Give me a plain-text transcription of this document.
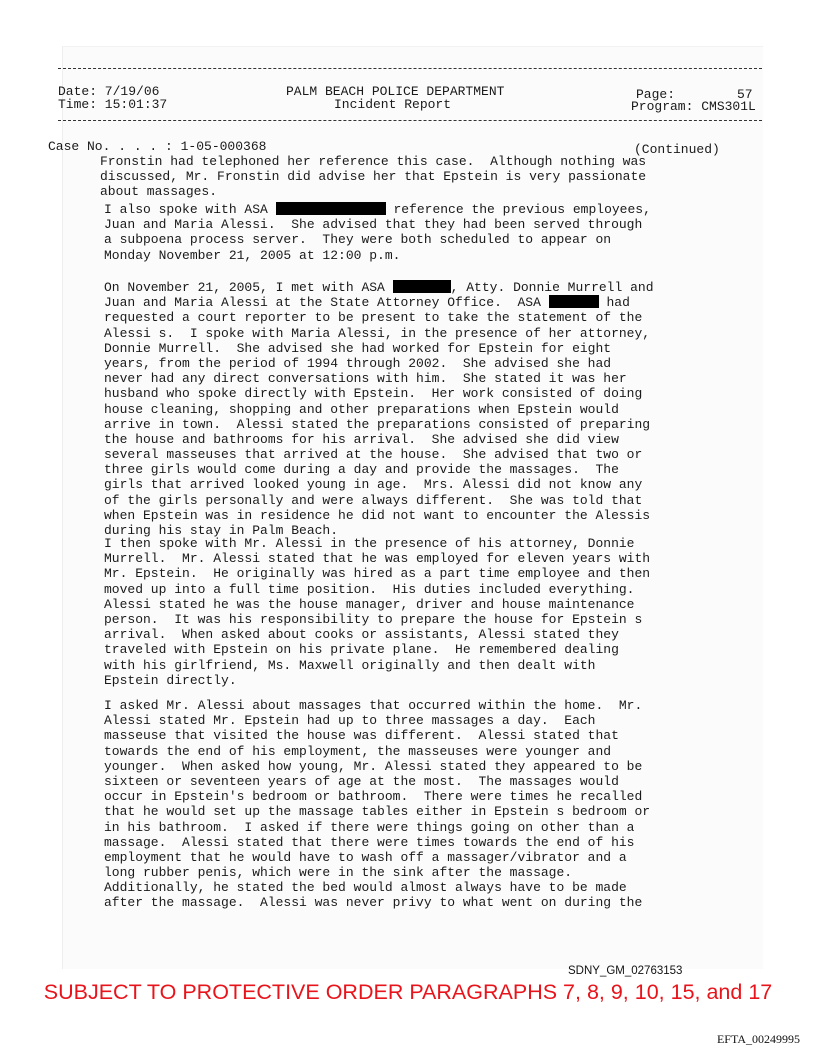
Date: 7/19/06
Time: 15:01:37
PALM BEACH POLICE DEPARTMENT
Incident Report
Page:	57
Program: CMS301L
Case No. . . . : 1-05-000368	(Continued)
Fronstin had telephoned her reference this case.  Although nothing was
discussed, Mr. Fronstin did advise her that Epstein is very passionate
about massages.
I also spoke with ASA	reference the previous employees,
Juan and Maria Alessi.  She advised that they had been served through
a subpoena process server.  They were both scheduled to appear on
Monday November 21, 2005 at 12:00 p.m.
On November 21, 2005, I met with ASA	, Atty. Donnie Murrell and
Juan and Maria Alessi at the State Attorney Office.  ASA	had
requested a court reporter to be present to take the statement of the
Alessi s.  I spoke with Maria Alessi, in the presence of her attorney,
Donnie Murrell.  She advised she had worked for Epstein for eight
years, from the period of 1994 through 2002.  She advised she had
never had any direct conversations with him.  She stated it was her
husband who spoke directly with Epstein.  Her work consisted of doing
house cleaning, shopping and other preparations when Epstein would
arrive in town.  Alessi stated the preparations consisted of preparing
the house and bathrooms for his arrival.  She advised she did view
several masseuses that arrived at the house.  She advised that two or
three girls would come during a day and provide the massages.  The
girls that arrived looked young in age.  Mrs. Alessi did not know any
of the girls personally and were always different.  She was told that
when Epstein was in residence he did not want to encounter the Alessis
during his stay in Palm Beach.
I then spoke with Mr. Alessi in the presence of his attorney, Donnie
Murrell.  Mr. Alessi stated that he was employed for eleven years with
Mr. Epstein.  He originally was hired as a part time employee and then
moved up into a full time position.  His duties included everything.
Alessi stated he was the house manager, driver and house maintenance
person.  It was his responsibility to prepare the house for Epstein s
arrival.  When asked about cooks or assistants, Alessi stated they
traveled with Epstein on his private plane.  He remembered dealing
with his girlfriend, Ms. Maxwell originally and then dealt with
Epstein directly.
I asked Mr. Alessi about massages that occurred within the home.  Mr.
Alessi stated Mr. Epstein had up to three massages a day.  Each
masseuse that visited the house was different.  Alessi stated that
towards the end of his employment, the masseuses were younger and
younger.  When asked how young, Mr. Alessi stated they appeared to be
sixteen or seventeen years of age at the most.  The massages would
occur in Epstein's bedroom or bathroom.  There were times he recalled
that he would set up the massage tables either in Epstein s bedroom or
in his bathroom.  I asked if there were things going on other than a
massage.  Alessi stated that there were times towards the end of his
employment that he would have to wash off a massager/vibrator and a
long rubber penis, which were in the sink after the massage.
Additionally, he stated the bed would almost always have to be made
after the massage.  Alessi was never privy to what went on during the
SDNY_GM_02763153
SUBJECT TO PROTECTIVE ORDER PARAGRAPHS 7, 8, 9, 10, 15, and 17
EFTA_00249995
